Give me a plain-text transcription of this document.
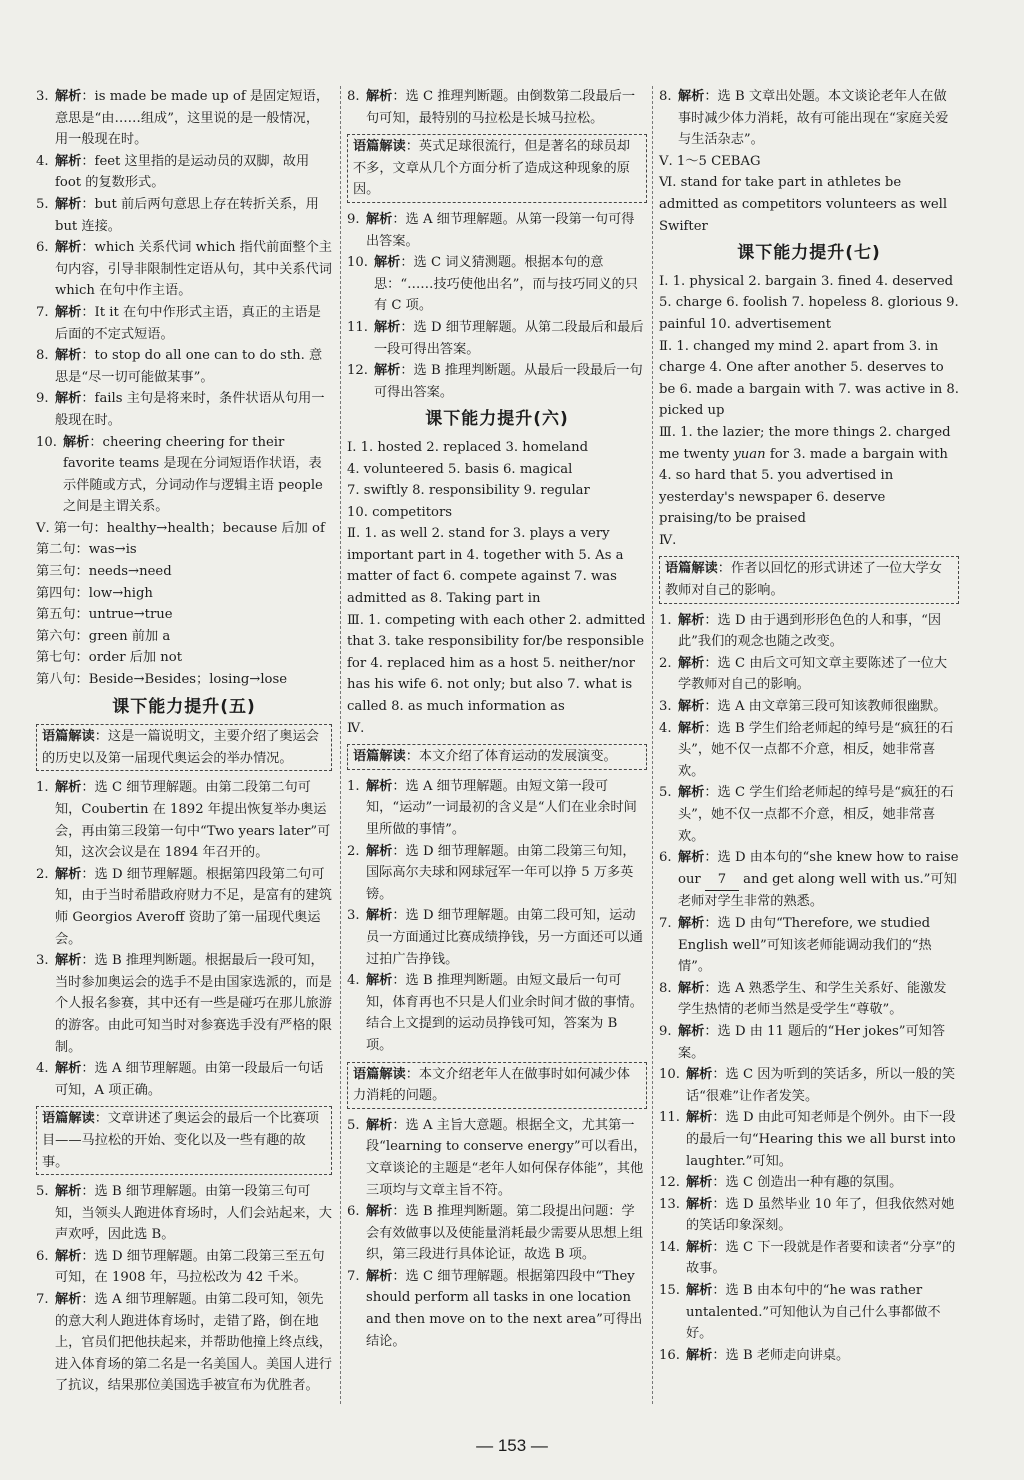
3. 解析：is made be made up of 是固定短语，意思是“由……组成”，这里说的是一般情况，用一般现在时。
4. 解析：feet 这里指的是运动员的双脚，故用 foot 的复数形式。
5. 解析：but 前后两句意思上存在转折关系，用 but 连接。
6. 解析：which 关系代词 which 指代前面整个主句内容，引导非限制性定语从句，其中关系代词 which 在句中作主语。
7. 解析：It it 在句中作形式主语，真正的主语是后面的不定式短语。
8. 解析：to stop do all one can to do sth. 意思是“尽一切可能做某事”。
9. 解析：fails 主句是将来时，条件状语从句用一般现在时。
10. 解析：cheering cheering for their favorite teams 是现在分词短语作状语，表示伴随或方式，分词动作与逻辑主语 people 之间是主谓关系。
Ⅴ. 第一句：healthy→health；because 后加 of
第二句：was→is
第三句：needs→need
第四句：low→high
第五句：untrue→true
第六句：green 前加 a
第七句：order 后加 not
第八句：Beside→Besides；losing→lose
课下能力提升(五)
语篇解读：这是一篇说明文，主要介绍了奥运会的历史以及第一届现代奥运会的举办情况。
1. 解析：选 C 细节理解题。由第二段第二句可知，Coubertin 在 1892 年提出恢复举办奥运会，再由第三段第一句中“Two years later”可知，这次会议是在 1894 年召开的。
2. 解析：选 D 细节理解题。根据第四段第二句可知，由于当时希腊政府财力不足，是富有的建筑师 Georgios Averoff 资助了第一届现代奥运会。
3. 解析：选 B 推理判断题。根据最后一段可知，当时参加奥运会的选手不是由国家选派的，而是个人报名参赛，其中还有一些是碰巧在那儿旅游的游客。由此可知当时对参赛选手没有严格的限制。
4. 解析：选 A 细节理解题。由第一段最后一句话可知，A 项正确。
语篇解读：文章讲述了奥运会的最后一个比赛项目——马拉松的开始、变化以及一些有趣的故事。
5. 解析：选 B 细节理解题。由第一段第三句可知，当领头人跑进体育场时，人们会站起来，大声欢呼，因此选 B。
6. 解析：选 D 细节理解题。由第二段第三至五句可知，在 1908 年，马拉松改为 42 千米。
7. 解析：选 A 细节理解题。由第二段可知，领先的意大利人跑进体育场时，走错了路，倒在地上，官员们把他扶起来，并帮助他撞上终点线，进入体育场的第二名是一名美国人。美国人进行了抗议，结果那位美国选手被宣布为优胜者。
8. 解析：选 C 推理判断题。由倒数第二段最后一句可知，最特别的马拉松是长城马拉松。
语篇解读：英式足球很流行，但是著名的球员却不多，文章从几个方面分析了造成这种现象的原因。
9. 解析：选 A 细节理解题。从第一段第一句可得出答案。
10. 解析：选 C 词义猜测题。根据本句的意思：“……技巧使他出名”，而与技巧同义的只有 C 项。
11. 解析：选 D 细节理解题。从第二段最后和最后一段可得出答案。
12. 解析：选 B 推理判断题。从最后一段最后一句可得出答案。
课下能力提升(六)
Ⅰ. 1. hosted 2. replaced 3. homeland
4. volunteered 5. basis 6. magical
7. swiftly 8. responsibility 9. regular
10. competitors
Ⅱ. 1. as well 2. stand for 3. plays a very important part in 4. together with 5. As a matter of fact 6. compete against 7. was admitted as 8. Taking part in
Ⅲ. 1. competing with each other 2. admitted that 3. take responsibility for/be responsible for 4. replaced him as a host 5. neither/nor has his wife 6. not only; but also 7. what is called 8. as much information as
Ⅳ.
语篇解读：本文介绍了体育运动的发展演变。
1. 解析：选 A 细节理解题。由短文第一段可知，“运动”一词最初的含义是“人们在业余时间里所做的事情”。
2. 解析：选 D 细节理解题。由第二段第三句知，国际高尔夫球和网球冠军一年可以挣 5 万多英镑。
3. 解析：选 D 细节理解题。由第二段可知，运动员一方面通过比赛成绩挣钱，另一方面还可以通过拍广告挣钱。
4. 解析：选 B 推理判断题。由短文最后一句可知，体育再也不只是人们业余时间才做的事情。结合上文提到的运动员挣钱可知，答案为 B 项。
语篇解读：本文介绍老年人在做事时如何减少体力消耗的问题。
5. 解析：选 A 主旨大意题。根据全文，尤其第一段“learning to conserve energy”可以看出，文章谈论的主题是“老年人如何保存体能”，其他三项均与文章主旨不符。
6. 解析：选 B 推理判断题。第二段提出问题：学会有效做事以及使能量消耗最少需要从思想上组织，第三段进行具体论证，故选 B 项。
7. 解析：选 C 细节理解题。根据第四段中“They should perform all tasks in one location and then move on to the next area”可得出结论。
8. 解析：选 B 文章出处题。本文谈论老年人在做事时减少体力消耗，故有可能出现在“家庭关爱与生活杂志”。
Ⅴ. 1～5 CEBAG
Ⅵ. stand for take part in athletes be admitted as competitors volunteers as well Swifter
课下能力提升(七)
Ⅰ. 1. physical 2. bargain 3. fined 4. deserved 5. charge 6. foolish 7. hopeless 8. glorious 9. painful 10. advertisement
Ⅱ. 1. changed my mind 2. apart from 3. in charge 4. One after another 5. deserves to be 6. made a bargain with 7. was active in 8. picked up
Ⅲ. 1. the lazier; the more things 2. charged me twenty yuan for 3. made a bargain with 4. so hard that 5. you advertised in yesterday's newspaper 6. deserve praising/to be praised
Ⅳ.
语篇解读：作者以回忆的形式讲述了一位大学女教师对自己的影响。
1. 解析：选 D 由于遇到形形色色的人和事，“因此”我们的观念也随之改变。
2. 解析：选 C 由后文可知文章主要陈述了一位大学教师对自己的影响。
3. 解析：选 A 由文章第三段可知该教师很幽默。
4. 解析：选 B 学生们给老师起的绰号是“疯狂的石头”，她不仅一点都不介意，相反，她非常喜欢。
5. 解析：选 C 学生们给老师起的绰号是“疯狂的石头”，她不仅一点都不介意，相反，她非常喜欢。
6. 解析：选 D 由本句的“she knew how to raise our 7 and get along well with us.”可知老师对学生非常的熟悉。
7. 解析：选 D 由句“Therefore, we studied English well”可知该老师能调动我们的“热情”。
8. 解析：选 A 熟悉学生、和学生关系好、能激发学生热情的老师当然是受学生“尊敬”。
9. 解析：选 D 由 11 题后的“Her jokes”可知答案。
10. 解析：选 C 因为听到的笑话多，所以一般的笑话“很难”让作者发笑。
11. 解析：选 D 由此可知老师是个例外。由下一段的最后一句“Hearing this we all burst into laughter.”可知。
12. 解析：选 C 创造出一种有趣的氛围。
13. 解析：选 D 虽然毕业 10 年了，但我依然对她的笑话印象深刻。
14. 解析：选 C 下一段就是作者要和读者“分享”的故事。
15. 解析：选 B 由本句中的“he was rather untalented.”可知他认为自己什么事都做不好。
16. 解析：选 B 老师走向讲桌。
— 153 —
